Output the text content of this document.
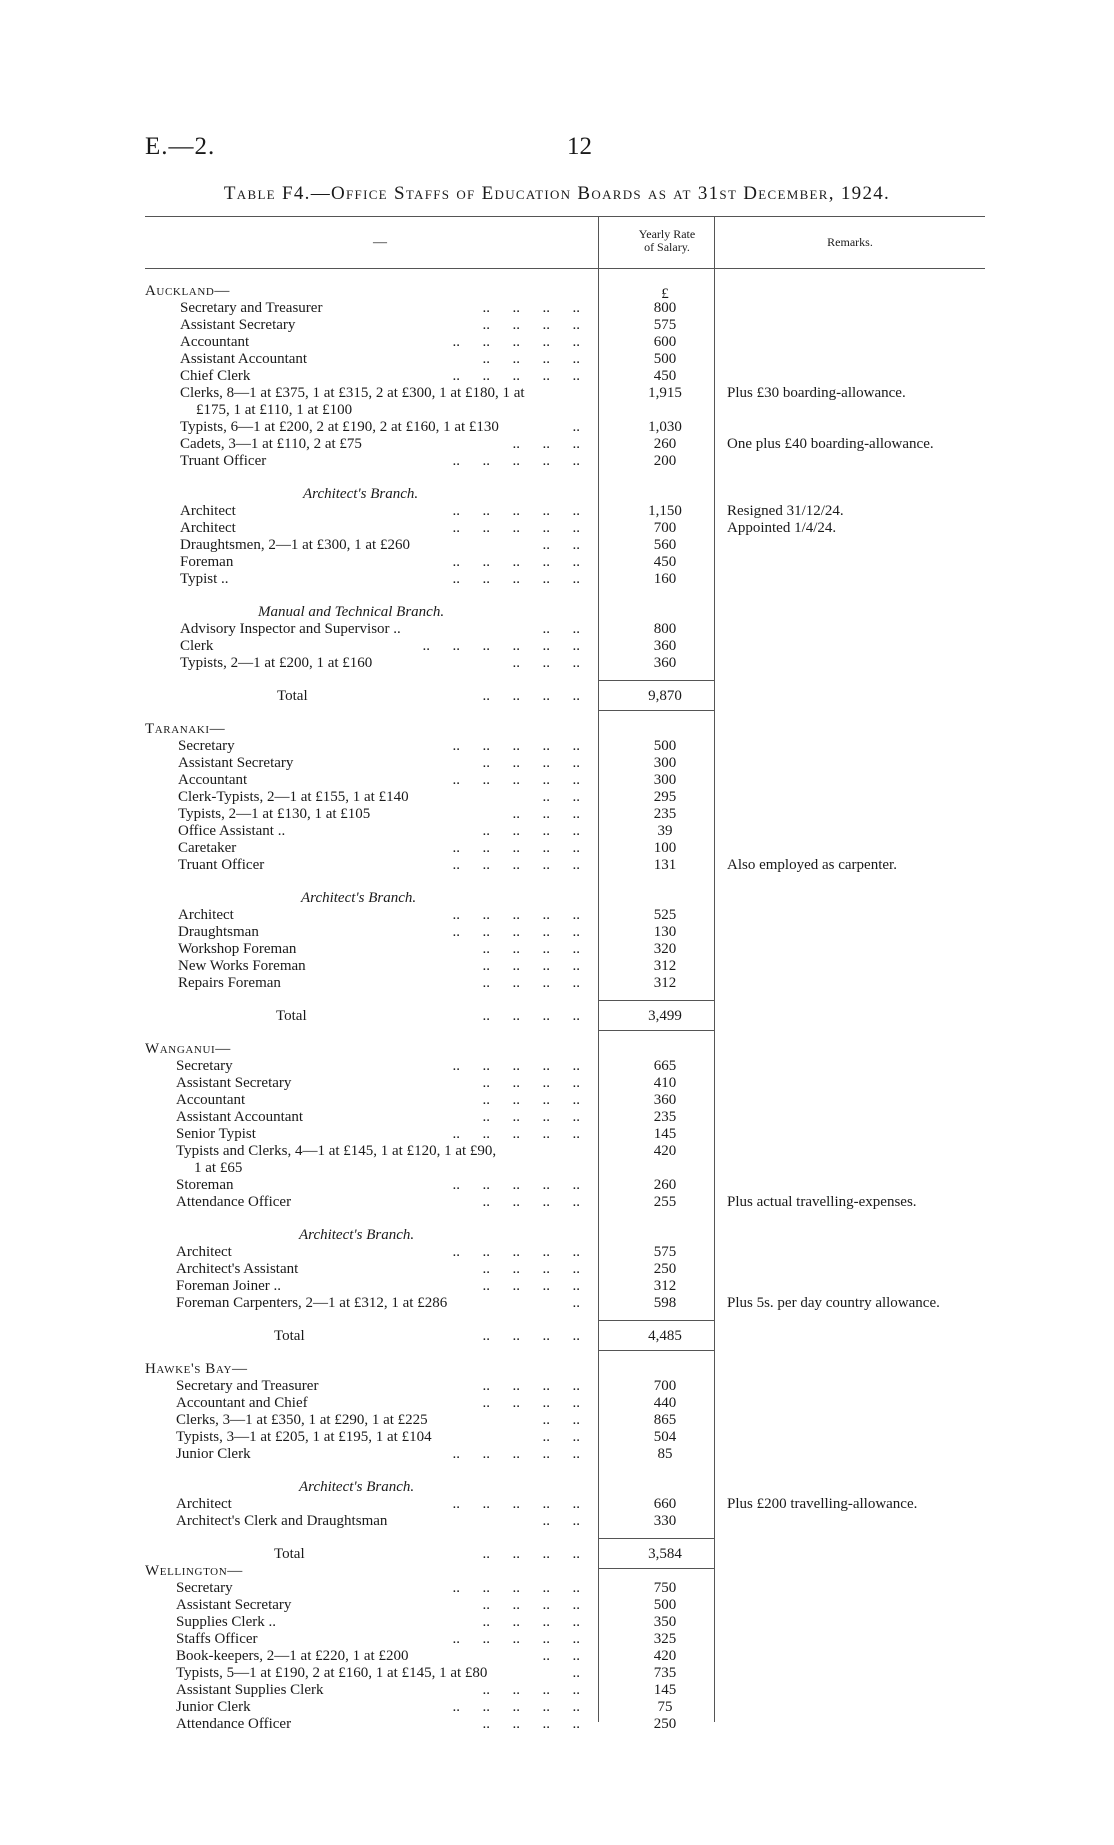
E.—2.	12
Table F4.—Office Staffs of Education Boards as at 31st December, 1924.
—
Yearly Rate
of Salary.	Remarks.
£
Auckland—
Secretary and Treasurer	..      ..      ..      ..	800
Assistant Secretary	..      ..      ..      ..	575
Accountant	..      ..      ..      ..      ..	600
Assistant Accountant	..      ..      ..      ..	500
Chief Clerk	..      ..      ..      ..      ..	450
Clerks, 8—1 at £375, 1 at £315, 2 at £300, 1 at £180, 1 at	1,915	Plus £30 boarding-allowance.
£175, 1 at £110, 1 at £100
Typists, 6—1 at £200, 2 at £190, 2 at £160, 1 at £130	..	1,030
Cadets, 3—1 at £110, 2 at £75	..      ..      ..	260	One plus £40 boarding-allowance.
Truant Officer	..      ..      ..      ..      ..	200
Architect's Branch.
Architect	..      ..      ..      ..      ..	1,150	Resigned 31/12/24.
Architect	..      ..      ..      ..      ..	700	Appointed 1/4/24.
Draughtsmen, 2—1 at £300, 1 at £260	..      ..	560
Foreman	..      ..      ..      ..      ..	450
Typist ..	..      ..      ..      ..      ..	160
Manual and Technical Branch.
Advisory Inspector and Supervisor ..	..      ..	800
Clerk	..      ..      ..      ..      ..      ..	360
Typists, 2—1 at £200, 1 at £160	..      ..      ..	360
Total	..      ..      ..      ..	9,870
Taranaki—
Secretary	..      ..      ..      ..      ..	500
Assistant Secretary	..      ..      ..      ..	300
Accountant	..      ..      ..      ..      ..	300
Clerk-Typists, 2—1 at £155, 1 at £140	..      ..	295
Typists, 2—1 at £130, 1 at £105	..      ..      ..	235
Office Assistant ..	..      ..      ..      ..	39
Caretaker	..      ..      ..      ..      ..	100
Truant Officer	..      ..      ..      ..      ..	131	Also employed as carpenter.
Architect's Branch.
Architect	..      ..      ..      ..      ..	525
Draughtsman	..      ..      ..      ..      ..	130
Workshop Foreman	..      ..      ..      ..	320
New Works Foreman	..      ..      ..      ..	312
Repairs Foreman	..      ..      ..      ..	312
Total	..      ..      ..      ..	3,499
Wanganui—
Secretary	..      ..      ..      ..      ..	665
Assistant Secretary	..      ..      ..      ..	410
Accountant	..      ..      ..      ..	360
Assistant Accountant	..      ..      ..      ..	235
Senior Typist	..      ..      ..      ..      ..	145
Typists and Clerks, 4—1 at £145, 1 at £120, 1 at £90,	420
1 at £65
Storeman	..      ..      ..      ..      ..	260
Attendance Officer	..      ..      ..      ..	255	Plus actual travelling-expenses.
Architect's Branch.
Architect	..      ..      ..      ..      ..	575
Architect's Assistant	..      ..      ..      ..	250
Foreman Joiner ..	..      ..      ..      ..	312
Foreman Carpenters, 2—1 at £312, 1 at £286	..	598	Plus 5s. per day country allowance.
Total	..      ..      ..      ..	4,485
Hawke's Bay—
Secretary and Treasurer	..      ..      ..      ..	700
Accountant and Chief	..      ..      ..      ..	440
Clerks, 3—1 at £350, 1 at £290, 1 at £225	..      ..	865
Typists, 3—1 at £205, 1 at £195, 1 at £104	..      ..	504
Junior Clerk	..      ..      ..      ..      ..	85
Architect's Branch.
Architect	..      ..      ..      ..      ..	660	Plus £200 travelling-allowance.
Architect's Clerk and Draughtsman	..      ..	330
Total	..      ..      ..      ..	3,584
Wellington—
Secretary	..      ..      ..      ..      ..	750
Assistant Secretary	..      ..      ..      ..	500
Supplies Clerk ..	..      ..      ..      ..	350
Staffs Officer	..      ..      ..      ..      ..	325
Book-keepers, 2—1 at £220, 1 at £200	..      ..	420
Typists, 5—1 at £190, 2 at £160, 1 at £145, 1 at £80	..	735
Assistant Supplies Clerk	..      ..      ..      ..	145
Junior Clerk	..      ..      ..      ..      ..	75
Attendance Officer	..      ..      ..      ..	250
